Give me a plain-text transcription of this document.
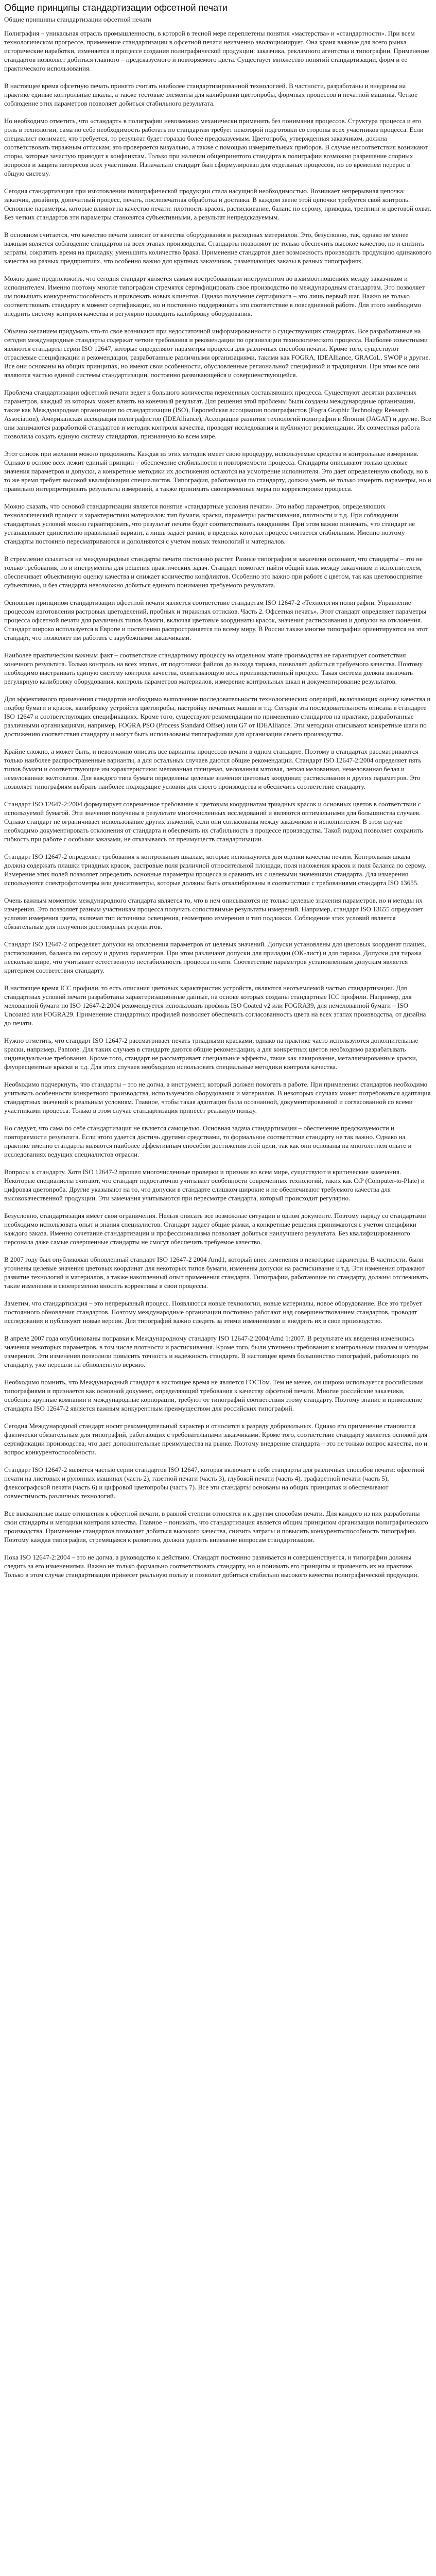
Общие принципы стандартизации офсетной печати
Общие принципы стандартизации офсетной печати

Полиграфия – уникальная отрасль промышленности, в которой в тесной мере переплетены понятия «мастерства» и «стандартности». При всем технологическом прогрессе, применение стандартизации в офсетной печати неизменно эволюционирует. Она храня важные для всего рынка исторические наработки, изменяется в процессе создания полиграфической продукции: заказчика, рекламного агентства и типографии. Применение стандартов позволяет добиться главного – предсказуемого и повторяемого цвета. Существует множество понятий стандартизации, форм и ее практического использования.

В настоящее время офсетную печать принято считать наиболее стандартизированной технологией. В частности, разработаны и внедрены на практике единые контрольные шкалы, а также тестовые элементы для калибровки цветопробы, формных процессов и печатной машины. Четкое соблюдение этих параметров позволяет добиться стабильного результата.

Но необходимо отметить, что «стандарт» в полиграфии невозможно механически применить без понимания процессов. Структура процесса и его роль в технологии, сама по себе необходимость работать по стандартам требует некоторой подготовки со стороны всех участников процесса. Если специалист понимает, что требуется, то результат будет гораздо более предсказуемым. Цветопроба, утвержденная заказчиком, должна соответствовать тиражным оттискам; это проверяется визуально, а также с помощью измерительных приборов. В случае несоответствия возникают споры, которые зачастую приводят к конфликтам. Только при наличии общепринятого стандарта в полиграфии возможно разрешение спорных вопросов и защита интересов всех участников. Изначально стандарт был сформулирован для отдельных процессов, но со временем перерос в общую систему.

Сегодня стандартизация при изготовлении полиграфической продукции стала насущной необходимостью. Возникает непрерывная цепочка: заказчик, дизайнер, допечатный процесс, печать, послепечатная обработка и доставка. В каждом звене этой цепочки требуется свой контроль. Основные параметры, которые влияют на качество печати: плотность красок, растискивание, баланс по серому, приводка, треппинг и цветовой охват. Без четких стандартов эти параметры становятся субъективными, а результат непредсказуемым.

В основном считается, что качество печати зависит от качества оборудования и расходных материалов. Это, безусловно, так, однако не менее важным является соблюдение стандартов на всех этапах производства. Стандарты позволяют не только обеспечить высокое качество, но и снизить затраты, сократить время на приладку, уменьшить количество брака. Применение стандартов дает возможность производить продукцию одинакового качества на разных предприятиях, что особенно важно для крупных заказчиков, размещающих заказы в разных типографиях.

Можно даже предположить, что сегодня стандарт является самым востребованным инструментом во взаимоотношениях между заказчиком и исполнителем. Именно поэтому многие типографии стремятся сертифицировать свое производство по международным стандартам. Это позволяет им повышать конкурентоспособность и привлекать новых клиентов. Однако получение сертификата – это лишь первый шаг. Важно не только соответствовать стандарту в момент сертификации, но и постоянно поддерживать это соответствие в повседневной работе. Для этого необходимо внедрить систему контроля качества и регулярно проводить калибровку оборудования.

Обычно желанием придумать что-то свое возникают при недостаточной информированности о существующих стандартах. Все разработанные на сегодня международные стандарты содержат четкие требования и рекомендации по организации технологического процесса. Наиболее известными являются стандарты серии ISO 12647, которые определяют параметры процесса для различных способов печати. Кроме того, существуют отраслевые спецификации и рекомендации, разработанные различными организациями, такими как FOGRA, IDEAlliance, GRACoL, SWOP и другие. Все они основаны на общих принципах, но имеют свои особенности, обусловленные региональной спецификой и традициями. При этом все они являются частью единой системы стандартизации, постоянно развивающейся и совершенствующейся.

Проблема стандартизации офсетной печати ведет к большого количества переменных составляющих процесса. Существуют десятки различных параметров, каждый из которых может влиять на конечный результат. Для решения этой проблемы были созданы международные организации, такие как Международная организация по стандартизации (ISO), Европейская ассоциация полиграфистов (Fogra Graphic Technology Research Association), Американская ассоциация полиграфистов (IDEAlliance), Ассоциация развития технологий полиграфии в Японии (JAGAT) и другие. Все они занимаются разработкой стандартов и методик контроля качества, проводят исследования и публикуют рекомендации. Их совместная работа позволила создать единую систему стандартов, признанную во всем мире.

Этот список при желании можно продолжить. Каждая из этих методик имеет свою процедуру, используемые средства и контрольные измерения. Однако в основе всех лежит единый принцип – обеспечение стабильности и повторяемости процесса. Стандарты описывают только целевые значения параметров и допуски, а конкретные методики их достижения остаются на усмотрение исполнителя. Это дает определенную свободу, но в то же время требует высокой квалификации специалистов. Типография, работающая по стандарту, должна уметь не только измерять параметры, но и правильно интерпретировать результаты измерений, а также принимать своевременные меры по корректировке процесса.

Можно сказать, что основой стандартизации является понятие «стандартные условия печати». Это набор параметров, определяющих технологический процесс и характеристики материалов: тип бумаги, краски, параметры растискивания, плотности и т.д. При соблюдении стандартных условий можно гарантировать, что результат печати будет соответствовать ожиданиям. При этом важно понимать, что стандарт не устанавливает единственно правильный вариант, а лишь задает рамки, в пределах которых процесс считается стабильным. Именно поэтому стандарты постоянно пересматриваются и дополняются с учетом новых технологий и материалов.

В стремление ссылаться на международные стандарты печати постоянно растет. Разные типографии и заказчики осознают, что стандарты – это не только требования, но и инструменты для решения практических задач. Стандарт помогает найти общий язык между заказчиком и исполнителем, обеспечивает объективную оценку качества и снижает количество конфликтов. Особенно это важно при работе с цветом, так как цветовосприятие субъективно, и без стандарта невозможно добиться единого понимания требуемого результата.

Основным принципом стандартизации офсетной печати является соответствие стандартам ISO 12647-2 «Технология полиграфии. Управление процессом изготовления растровых цветоделений, пробных и тиражных оттисков. Часть 2. Офсетная печать». Этот стандарт определяет параметры процесса офсетной печати для различных типов бумаги, включая цветовые координаты красок, значения растискивания и допуски на отклонения. Стандарт широко используется в Европе и постепенно распространяется по всему миру. В России также многие типографии ориентируются на этот стандарт, что позволяет им работать с зарубежными заказчиками.

Наиболее практическим важным факт – соответствие стандартному процессу на отдельном этапе производства не гарантирует соответствия конечного результата. Только контроль на всех этапах, от подготовки файлов до выхода тиража, позволяет добиться требуемого качества. Поэтому необходимо выстраивать единую систему контроля качества, охватывающую весь производственный процесс. Такая система должна включать регулярную калибровку оборудования, контроль параметров материалов, измерение контрольных шкал и документирование результатов.

Для эффективного применения стандартов необходимо выполнение последовательности технологических операций, включающих оценку качества и подбор бумаги и красок, калибровку устройств цветопробы, настройку печатных машин и т.д. Сегодня эта последовательность описана в стандарте ISO 12647 и соответствующих спецификациях. Кроме того, существуют рекомендации по применению стандартов на практике, разработанные различными организациями, например, FOGRA PSO (Process Standard Offset) или G7 от IDEAlliance. Эти методики описывают конкретные шаги по достижению соответствия стандарту и могут быть использованы типографиями для организации своего производства.

Крайне сложно, а может быть, и невозможно описать все варианты процессов печати в одном стандарте. Поэтому в стандартах рассматриваются только наиболее распространенные варианты, а для остальных случаев даются общие рекомендации. Стандарт ISO 12647-2:2004 определяет пять типов бумаги и соответствующие им характеристики: мелованная глянцевая, мелованная матовая, легкая мелованная, немелованная белая и немелованная желтоватая. Для каждого типа бумаги определены целевые значения цветовых координат, растискивания и других параметров. Это позволяет типографиям выбрать наиболее подходящие условия для своего производства и обеспечить соответствие стандарту.

Стандарт ISO 12647-2:2004 формулирует современное требование к цветовым координатам триадных красок и основных цветов в соответствии с используемой бумагой. Эти значения получены в результате многочисленных исследований и являются оптимальными для большинства случаев. Однако стандарт не ограничивает использование других значений, если они согласованы между заказчиком и исполнителем. В этом случае необходимо документировать отклонения от стандарта и обеспечить их стабильность в процессе производства. Такой подход позволяет сохранить гибкость при работе с особыми заказами, не отказываясь от преимуществ стандартизации.

Стандарт ISO 12647-2 определяет требования к контрольным шкалам, которые используются для оценки качества печати. Контрольная шкала должна содержать плашки триадных красок, растровые поля различной относительной площади, поля наложения красок и поля баланса по серому. Измерение этих полей позволяет определить основные параметры процесса и сравнить их с целевыми значениями стандарта. Для измерения используются спектрофотометры или денситометры, которые должны быть откалиброваны в соответствии с требованиями стандарта ISO 13655.

Очень важным моментом международного стандарта является то, что в нем описываются не только целевые значения параметров, но и методы их измерения. Это позволяет разным участникам процесса получать сопоставимые результаты измерений. Например, стандарт ISO 13655 определяет условия измерения цвета, включая тип источника освещения, геометрию измерения и тип подложки. Соблюдение этих условий является обязательным для получения достоверных результатов.

Стандарт ISO 12647-2 определяет допуски на отклонения параметров от целевых значений. Допуски установлены для цветовых координат плашек, растискивания, баланса по серому и других параметров. При этом различают допуски для приладки (OK-лист) и для тиража. Допуски для тиража несколько шире, что учитывает естественную нестабильность процесса печати. Соответствие параметров установленным допускам является критерием соответствия стандарту.

В настоящее время ICC профили, то есть описания цветовых характеристик устройств, являются неотъемлемой частью стандартизации. Для стандартных условий печати разработаны характеризационные данные, на основе которых созданы стандартные ICC профили. Например, для мелованной бумаги по ISO 12647-2:2004 рекомендуется использовать профиль ISO Coated v2 или FOGRA39, для немелованной бумаги – ISO Uncoated или FOGRA29. Применение стандартных профилей позволяет обеспечить согласованность цвета на всех этапах производства, от дизайна до печати.

Нужно отметить, что стандарт ISO 12647-2 рассматривает печать триадными красками, однако на практике часто используются дополнительные краски, например, Pantone. Для таких случаев в стандарте даются общие рекомендации, а для конкретных цветов необходимо разрабатывать индивидуальные требования. Кроме того, стандарт не рассматривает специальные эффекты, такие как лакирование, металлизированные краски, флуоресцентные краски и т.д. Для этих случаев необходимо использовать специальные методики контроля качества.

Необходимо подчеркнуть, что стандарты – это не догма, а инструмент, который должен помогать в работе. При применении стандартов необходимо учитывать особенности конкретного производства, используемого оборудования и материалов. В некоторых случаях может потребоваться адаптация стандартных значений к реальным условиям. Главное, чтобы такая адаптация была осознанной, документированной и согласованной со всеми участниками процесса. Только в этом случае стандартизация принесет реальную пользу.

Но следует, что сама по себе стандартизация не является самоцелью. Основная задача стандартизации – обеспечение предсказуемости и повторяемости результата. Если этого удается достичь другими средствами, то формальное соответствие стандарту не так важно. Однако на практике именно стандарты являются наиболее эффективным способом достижения этой цели, так как они основаны на многолетнем опыте и исследованиях ведущих специалистов отрасли.

Вопросы к стандарту. Хотя ISO 12647-2 прошел многочисленные проверки и признан во всем мире, существуют и критические замечания. Некоторые специалисты считают, что стандарт недостаточно учитывает особенности современных технологий, таких как CtP (Computer-to-Plate) и цифровая цветопроба. Другие указывают на то, что допуски в стандарте слишком широкие и не обеспечивают требуемого качества для высококачественной продукции. Эти замечания учитываются при пересмотре стандарта, который происходит регулярно.

Безусловно, стандартизация имеет свои ограничения. Нельзя описать все возможные ситуации в одном документе. Поэтому наряду со стандартами необходимо использовать опыт и знания специалистов. Стандарт задает общие рамки, а конкретные решения принимаются с учетом специфики каждого заказа. Именно сочетание стандартизации и профессионализма позволяет добиться наилучшего результата. Без квалифицированного персонала даже самые совершенные стандарты не смогут обеспечить требуемое качество.

В 2007 году был опубликован обновленный стандарт ISO 12647-2 2004 Amd1, который внес изменения в некоторые параметры. В частности, были уточнены целевые значения цветовых координат для некоторых типов бумаги, изменены допуски на растискивание и т.д. Эти изменения отражают развитие технологий и материалов, а также накопленный опыт применения стандарта. Типографии, работающие по стандарту, должны отслеживать такие изменения и своевременно вносить коррективы в свои процессы.

Заметим, что стандартизация – это непрерывный процесс. Появляются новые технологии, новые материалы, новое оборудование. Все это требует постоянного обновления стандартов. Поэтому международные организации постоянно работают над совершенствованием стандартов, проводят исследования и публикуют новые версии. Для типографий важно следить за этими изменениями и внедрять их в свое производство.

В апреле 2007 года опубликованы поправки к Международному стандарту ISO 12647-2:2004/Amd 1:2007. В результате их введения изменились значения некоторых параметров, в том числе плотности и растискивания. Кроме того, были уточнены требования к контрольным шкалам и методам измерения. Эти изменения позволили повысить точность и надежность стандарта. В настоящее время большинство типографий, работающих по стандарту, уже перешли на обновленную версию.

Необходимо помнить, что Международный стандарт в настоящее время не является ГОСТом. Тем не менее, он широко используется российскими типографиями и признается как основной документ, определяющий требования к качеству офсетной печати. Многие российские заказчики, особенно крупные компании и международные корпорации, требуют от типографий соответствия этому стандарту. Поэтому знание и применение стандарта ISO 12647-2 является важным конкурентным преимуществом для российских типографий.

Сегодня Международный стандарт носит рекомендательный характер и относится к разряду добровольных. Однако его применение становится фактически обязательным для типографий, работающих с требовательными заказчиками. Кроме того, соответствие стандарту является основой для сертификации производства, что дает дополнительные преимущества на рынке. Поэтому внедрение стандарта – это не только вопрос качества, но и вопрос конкурентоспособности.

Стандарт ISO 12647-2 является частью серии стандартов ISO 12647, которая включает в себя стандарты для различных способов печати: офсетной печати на листовых и рулонных машинах (часть 2), газетной печати (часть 3), глубокой печати (часть 4), трафаретной печати (часть 5), флексографской печати (часть 6) и цифровой цветопробы (часть 7). Все эти стандарты основаны на общих принципах и обеспечивают совместимость различных технологий.

Все высказанные выше отношения к офсетной печати, в равной степени относятся и к другим способам печати. Для каждого из них разработаны свои стандарты и методики контроля качества. Главное – понимать, что стандартизация является общим принципом организации полиграфического производства. Применение стандартов позволяет добиться высокого качества, снизить затраты и повысить конкурентоспособность типографии. Поэтому каждая типография, стремящаяся к развитию, должна уделять внимание вопросам стандартизации.

Пока ISO 12647-2:2004 – это не догма, а руководство к действию. Стандарт постоянно развивается и совершенствуется, и типографии должны следить за его изменениями. Важно не только формально соответствовать стандарту, но и понимать его принципы и применять их на практике. Только в этом случае стандартизация принесет реальную пользу и позволит добиться стабильно высокого качества полиграфической продукции.
